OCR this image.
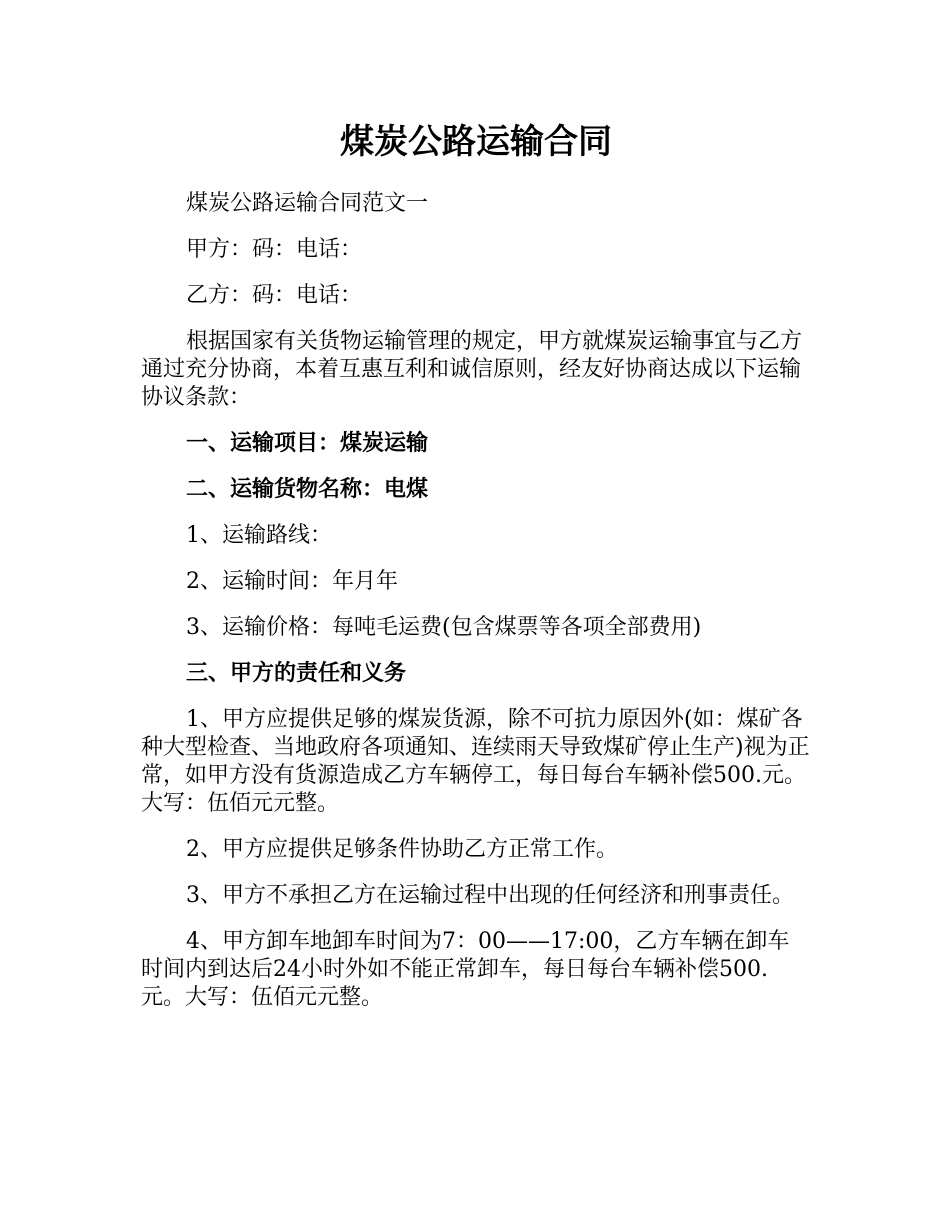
煤炭公路运输合同

煤炭公路运输合同范文一

甲方：码：电话：

乙方：码：电话：

根据国家有关货物运输管理的规定，甲方就煤炭运输事宜与乙方通过充分协商，本着互惠互利和诚信原则，经友好协商达成以下运输协议条款：

一、运输项目：煤炭运输

二、运输货物名称：电煤

1、运输路线：

2、运输时间：年月年

3、运输价格：每吨毛运费(包含煤票等各项全部费用)

三、甲方的责任和义务

1、甲方应提供足够的煤炭货源，除不可抗力原因外(如：煤矿各种大型检查、当地政府各项通知、连续雨天导致煤矿停止生产)视为正常，如甲方没有货源造成乙方车辆停工，每日每台车辆补偿500.元。大写：伍佰元元整。

2、甲方应提供足够条件协助乙方正常工作。

3、甲方不承担乙方在运输过程中出现的任何经济和刑事责任。

4、甲方卸车地卸车时间为7：00——17:00，乙方车辆在卸车时间内到达后24小时外如不能正常卸车，每日每台车辆补偿500.元。大写：伍佰元元整。
